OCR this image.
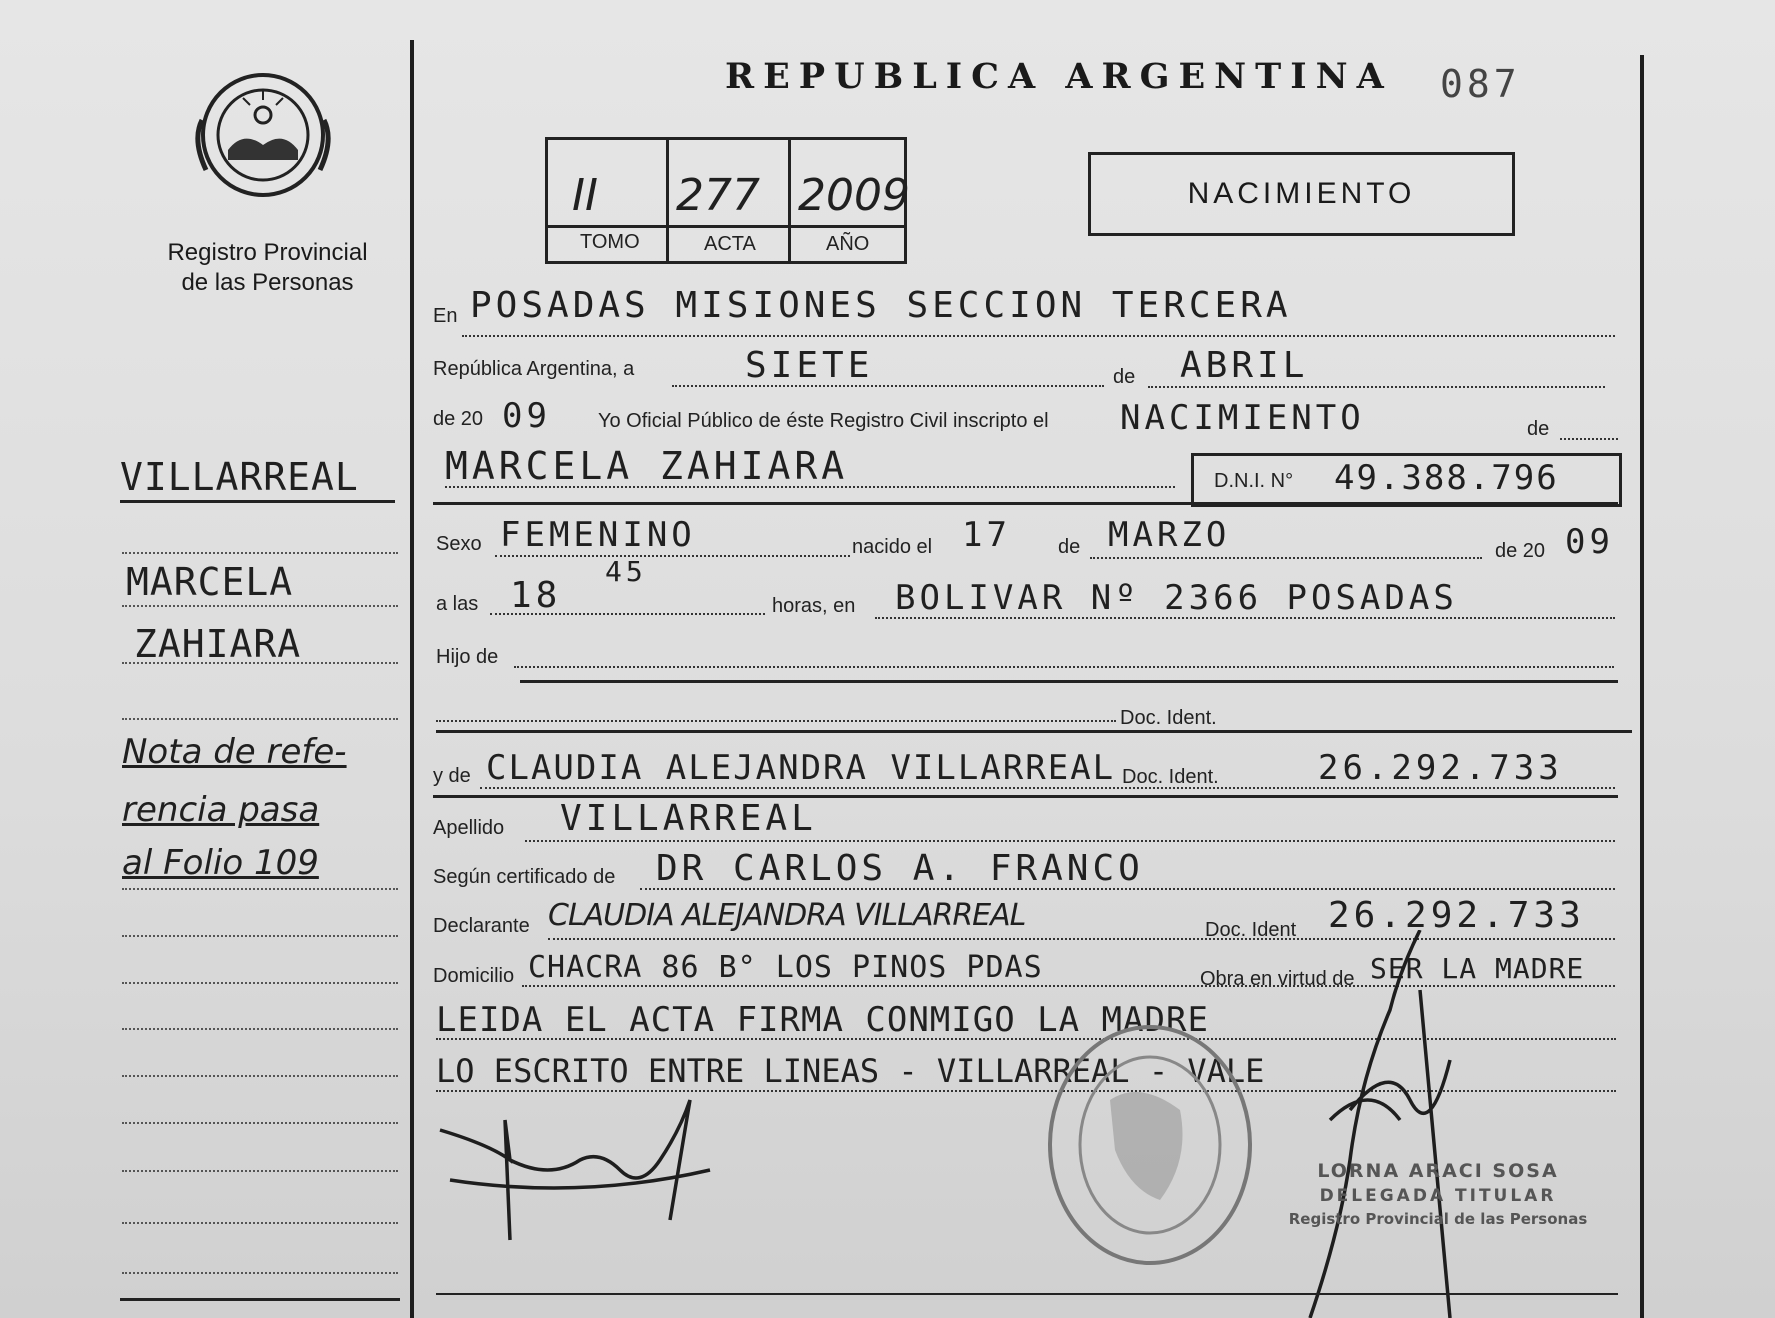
Registro Provincial
de las Personas
REPUBLICA ARGENTINA 087
II 277 2009
TOMO	ACTA	AÑO
NACIMIENTO
En POSADAS MISIONES SECCION TERCERA
República Argentina, a	SIETE	de ABRIL
de 20 09 Yo Oficial Público de éste Registro Civil inscripto el NACIMIENTO	de
MARCELA ZAHIARA	D.N.I. N° 49.388.796
Sexo FEMENINO	nacido el 17 de MARZO	de 20 09
a las 18
45
horas, en BOLIVAR Nº 2366 POSADAS
Hijo de
Doc. Ident.
y de CLAUDIA ALEJANDRA VILLARREAL Doc. Ident.	26.292.733
Apellido VILLARREAL
Según certificado de DR CARLOS A. FRANCO
Declarante CLAUDIA ALEJANDRA VILLARREAL	Doc. Ident 26.292.733
Domicilio CHACRA 86 B° LOS PINOS PDAS	Obra en virtud de SER LA MADRE
LEIDA EL ACTA FIRMA CONMIGO LA MADRE
LO ESCRITO ENTRE LINEAS - VILLARREAL - VALE
LORNA ARACI SOSA
DELEGADA TITULAR
Registro Provincial de las Personas
VILLARREAL
MARCELA
ZAHIARA
Nota de refe-
rencia pasa
al Folio 109
